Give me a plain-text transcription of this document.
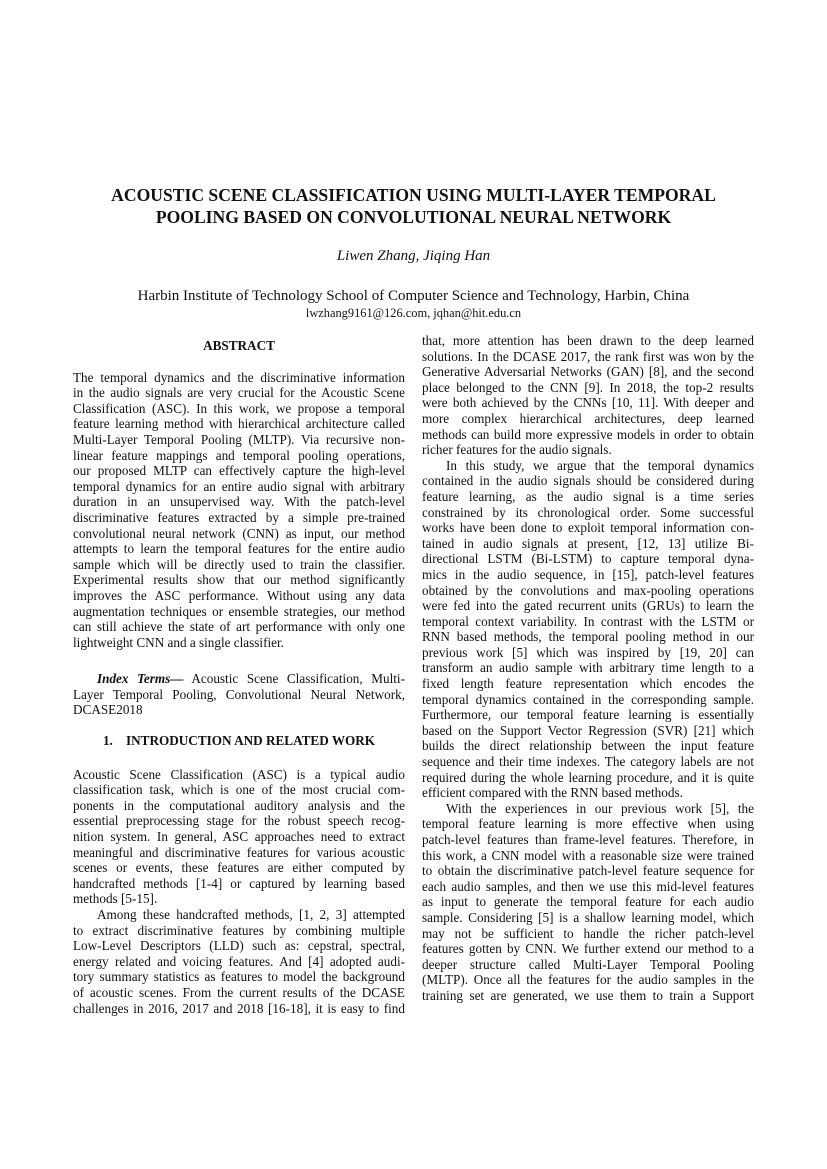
ACOUSTIC SCENE CLASSIFICATION USING MULTI-LAYER TEMPORAL
POOLING BASED ON CONVOLUTIONAL NEURAL NETWORK
Liwen Zhang, Jiqing Han
Harbin Institute of Technology School of Computer Science and Technology, Harbin, China
lwzhang9161@126.com, jqhan@hit.edu.cn
ABSTRACT
The temporal dynamics and the discriminative information
in the audio signals are very crucial for the Acoustic Scene
Classification (ASC). In this work, we propose a temporal
feature learning method with hierarchical architecture called
Multi-Layer Temporal Pooling (MLTP). Via recursive non-
linear feature mappings and temporal pooling operations,
our proposed MLTP can effectively capture the high-level
temporal dynamics for an entire audio signal with arbitrary
duration in an unsupervised way. With the patch-level
discriminative features extracted by a simple pre-trained
convolutional neural network (CNN) as input, our method
attempts to learn the temporal features for the entire audio
sample which will be directly used to train the classifier.
Experimental results show that our method significantly
improves the ASC performance. Without using any data
augmentation techniques or ensemble strategies, our method
can still achieve the state of art performance with only one
lightweight CNN and a single classifier.
Index Terms— Acoustic Scene Classification, Multi-
Layer Temporal Pooling, Convolutional Neural Network,
DCASE2018
1.    INTRODUCTION AND RELATED WORK
Acoustic Scene Classification (ASC) is a typical audio
classification task, which is one of the most crucial com-
ponents in the computational auditory analysis and the
essential preprocessing stage for the robust speech recog-
nition system. In general, ASC approaches need to extract
meaningful and discriminative features for various acoustic
scenes or events, these features are either computed by
handcrafted methods [1-4] or captured by learning based
methods [5-15].
Among these handcrafted methods, [1, 2, 3] attempted
to extract discriminative features by combining multiple
Low-Level Descriptors (LLD) such as: cepstral, spectral,
energy related and voicing features. And [4] adopted audi-
tory summary statistics as features to model the background
of acoustic scenes. From the current results of the DCASE
challenges in 2016, 2017 and 2018 [16-18], it is easy to find
that, more attention has been drawn to the deep learned
solutions. In the DCASE 2017, the rank first was won by the
Generative Adversarial Networks (GAN) [8], and the second
place belonged to the CNN [9]. In 2018, the top-2 results
were both achieved by the CNNs [10, 11]. With deeper and
more complex hierarchical architectures, deep learned
methods can build more expressive models in order to obtain
richer features for the audio signals.
In this study, we argue that the temporal dynamics
contained in the audio signals should be considered during
feature learning, as the audio signal is a time series
constrained by its chronological order. Some successful
works have been done to exploit temporal information con-
tained in audio signals at present, [12, 13] utilize Bi-
directional LSTM (Bi-LSTM) to capture temporal dyna-
mics in the audio sequence, in [15], patch-level features
obtained by the convolutions and max-pooling operations
were fed into the gated recurrent units (GRUs) to learn the
temporal context variability. In contrast with the LSTM or
RNN based methods, the temporal pooling method in our
previous work [5] which was inspired by [19, 20] can
transform an audio sample with arbitrary time length to a
fixed length feature representation which encodes the
temporal dynamics contained in the corresponding sample.
Furthermore, our temporal feature learning is essentially
based on the Support Vector Regression (SVR) [21] which
builds the direct relationship between the input feature
sequence and their time indexes. The category labels are not
required during the whole learning procedure, and it is quite
efficient compared with the RNN based methods.
With the experiences in our previous work [5], the
temporal feature learning is more effective when using
patch-level features than frame-level features. Therefore, in
this work, a CNN model with a reasonable size were trained
to obtain the discriminative patch-level feature sequence for
each audio samples, and then we use this mid-level features
as input to generate the temporal feature for each audio
sample. Considering [5] is a shallow learning model, which
may not be sufficient to handle the richer patch-level
features gotten by CNN. We further extend our method to a
deeper structure called Multi-Layer Temporal Pooling
(MLTP). Once all the features for the audio samples in the
training set are generated, we use them to train a Support
